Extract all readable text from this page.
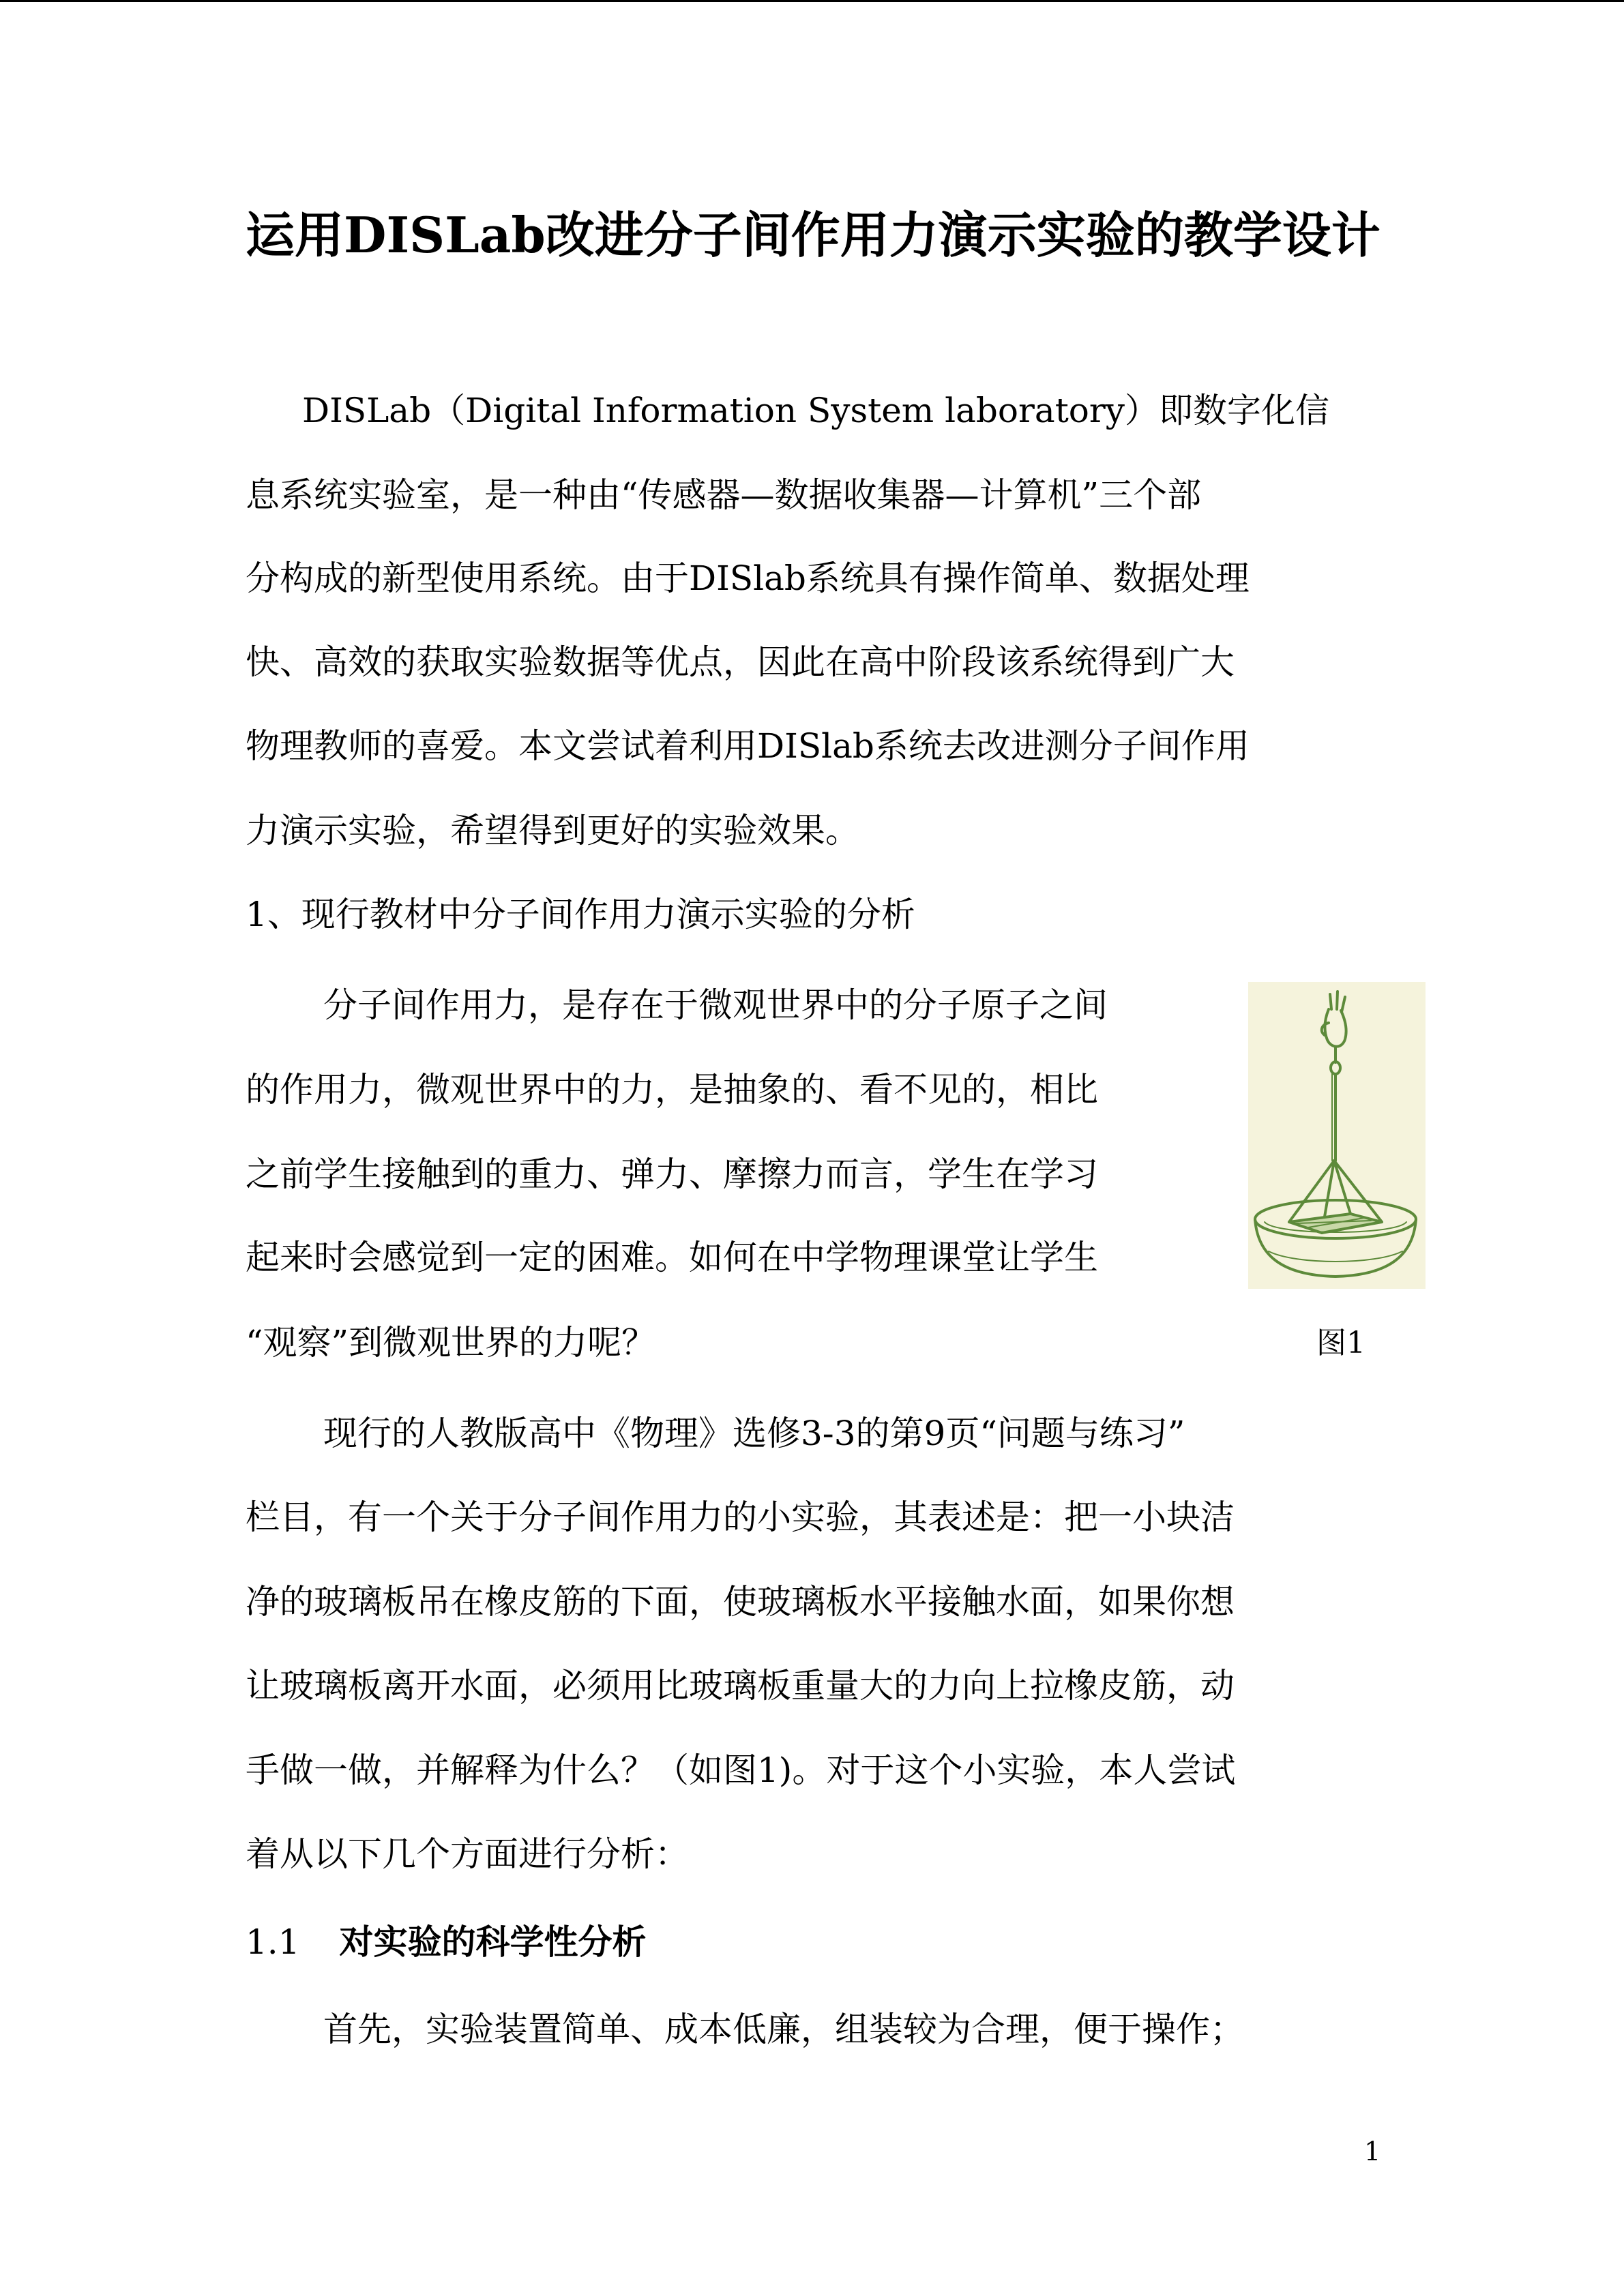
运用DISLab改进分子间作用力演示实验的教学设计
DISLab（Digital Information System laboratory）即数字化信
息系统实验室，是一种由“传感器—数据收集器—计算机”三个部
分构成的新型使用系统。由于DISlab系统具有操作简单、数据处理
快、高效的获取实验数据等优点，因此在高中阶段该系统得到广大
物理教师的喜爱。本文尝试着利用DISlab系统去改进测分子间作用
力演示实验，希望得到更好的实验效果。
1、现行教材中分子间作用力演示实验的分析
分子间作用力，是存在于微观世界中的分子原子之间
的作用力，微观世界中的力，是抽象的、看不见的，相比
之前学生接触到的重力、弹力、摩擦力而言，学生在学习
起来时会感觉到一定的困难。如何在中学物理课堂让学生
“观察”到微观世界的力呢？	图1
现行的人教版高中《物理》选修3-3的第9页“问题与练习”
栏目，有一个关于分子间作用力的小实验，其表述是：把一小块洁
净的玻璃板吊在橡皮筋的下面，使玻璃板水平接触水面，如果你想
让玻璃板离开水面，必须用比玻璃板重量大的力向上拉橡皮筋，动
手做一做，并解释为什么？（如图1)。对于这个小实验，本人尝试
着从以下几个方面进行分析：
1.1 对实验的科学性分析
首先，实验装置简单、成本低廉，组装较为合理，便于操作；
1
